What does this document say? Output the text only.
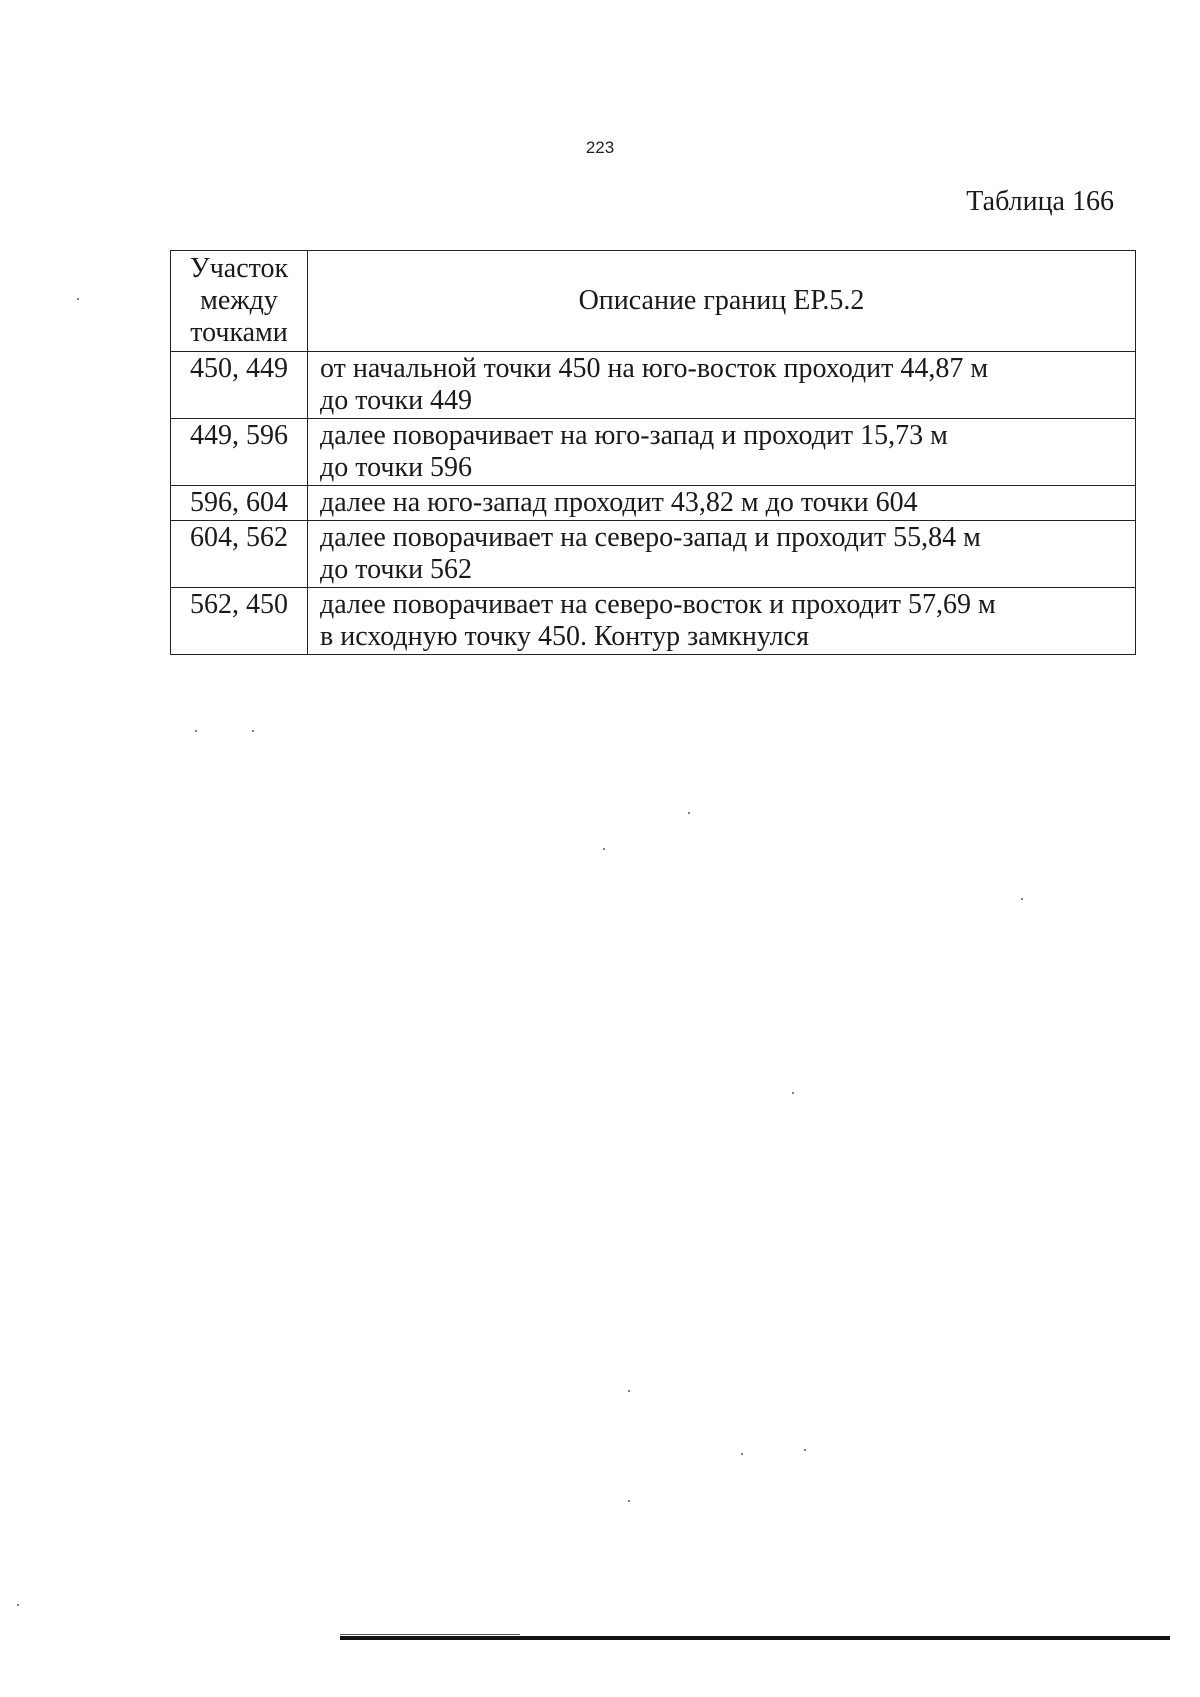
223
Таблица 166
Участок
между
точками	Описание границ ЕР.5.2
450, 449	от начальной точки 450 на юго-восток проходит 44,87 м
до точки 449

449, 596	далее поворачивает на юго-запад и проходит 15,73 м
до точки 596

596, 604	далее на юго-запад проходит 43,82 м до точки 604

604, 562	далее поворачивает на северо-запад и проходит 55,84 м
до точки 562

562, 450	далее поворачивает на северо-восток и проходит 57,69 м
в исходную точку 450. Контур замкнулся
